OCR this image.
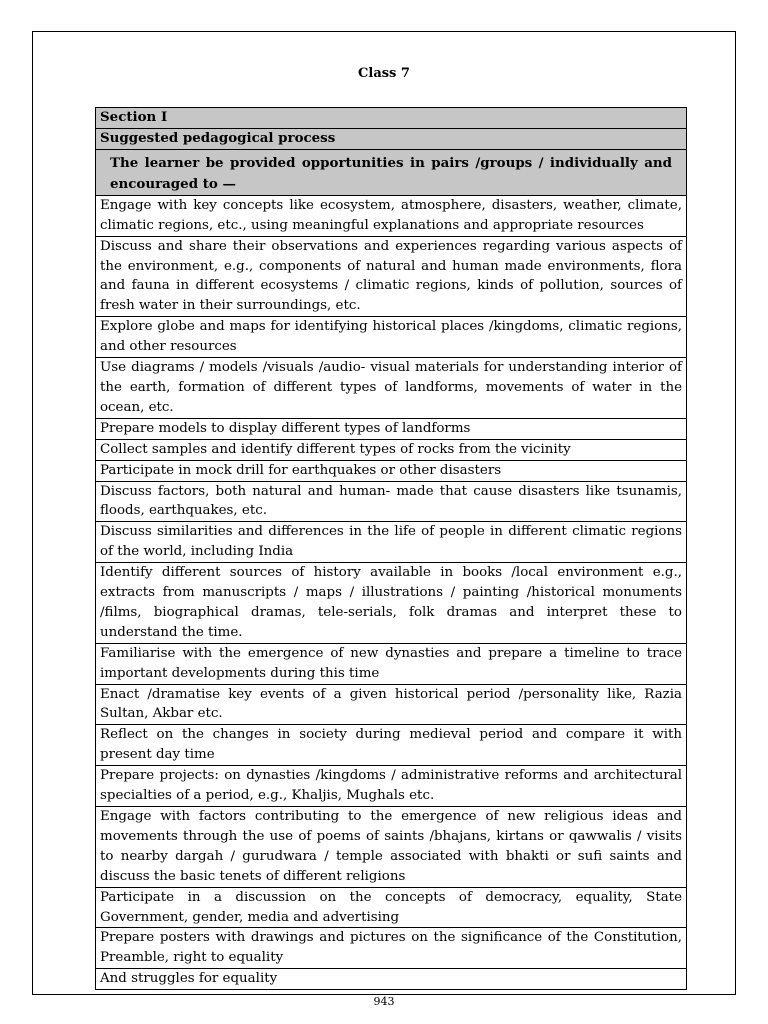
Class 7
Section I
Suggested pedagogical process
The learner be provided opportunities in pairs /groups / individually and encouraged to —
Engage with key concepts like ecosystem, atmosphere, disasters, weather, climate, climatic regions, etc., using meaningful explanations and appropriate resources
Discuss and share their observations and experiences regarding various aspects of the environment, e.g., components of natural and human made environments, flora and fauna in different ecosystems / climatic regions, kinds of pollution, sources of fresh water in their surroundings, etc.
Explore globe and maps for identifying historical places /kingdoms, climatic regions, and other resources
Use diagrams / models /visuals /audio- visual materials for understanding interior of the earth, formation of different types of landforms, movements of water in the ocean, etc.
Prepare models to display different types of landforms
Collect samples and identify different types of rocks from the vicinity
Participate in mock drill for earthquakes or other disasters
Discuss factors, both natural and human- made that cause disasters like tsunamis, floods, earthquakes, etc.
Discuss similarities and differences in the life of people in different climatic regions of the world, including India
Identify different sources of history available in books /local environment e.g., extracts from manuscripts / maps / illustrations / painting /historical monuments /films, biographical dramas, tele-serials, folk dramas and interpret these to understand the time.
Familiarise with the emergence of new dynasties and prepare a timeline to trace important developments during this time
Enact /dramatise key events of a given historical period /personality like, Razia Sultan, Akbar etc.
Reflect on the changes in society during medieval period and compare it with present day time
Prepare projects: on dynasties /kingdoms / administrative reforms and architectural specialties of a period, e.g., Khaljis, Mughals etc.
Engage with factors contributing to the emergence of new religious ideas and movements through the use of poems of saints /bhajans, kirtans or qawwalis / visits to nearby dargah / gurudwara / temple associated with bhakti or sufi saints and discuss the basic tenets of different religions
Participate in a discussion on the concepts of democracy, equality, State Government, gender, media and advertising
Prepare posters with drawings and pictures on the significance of the Constitution, Preamble, right to equality
And struggles for equality
943
